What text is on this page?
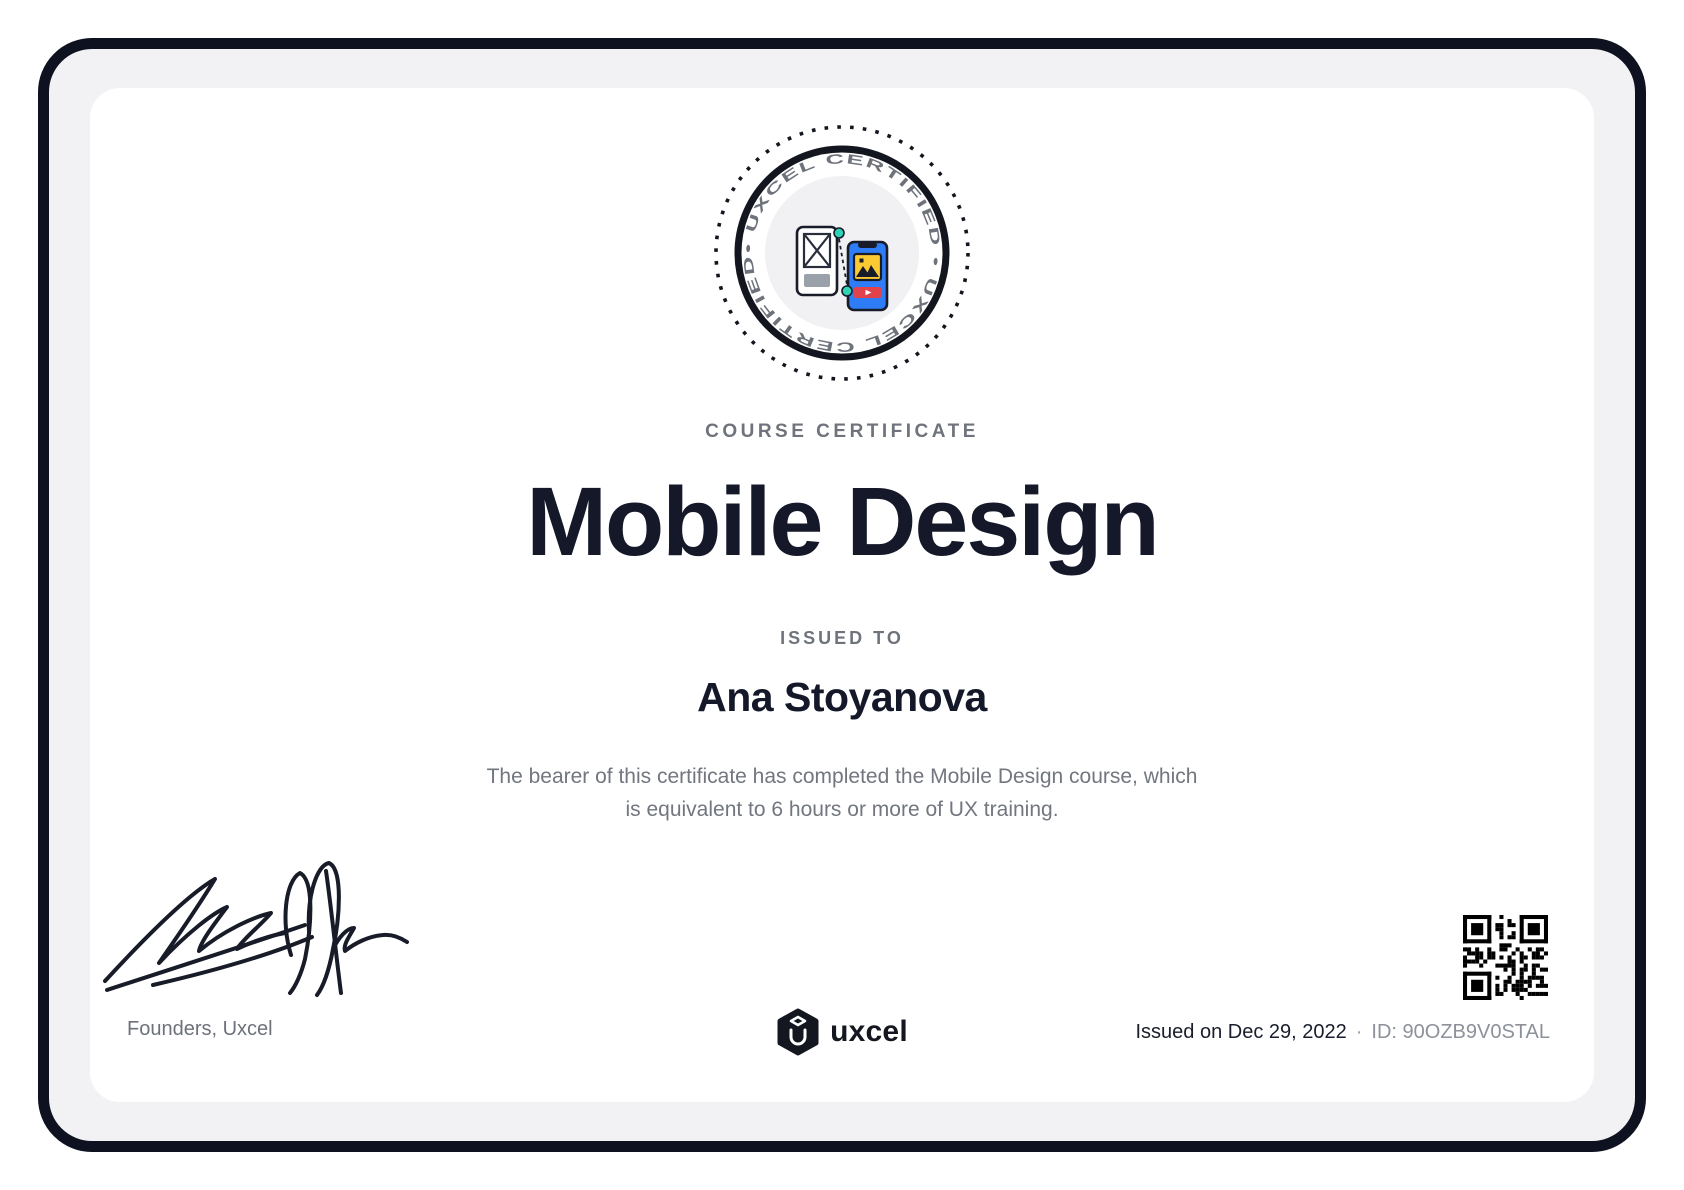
• UXCEL CERTIFIED • UXCEL CERTIFIED
COURSE CERTIFICATE
Mobile Design
ISSUED TO
Ana Stoyanova
The bearer of this certificate has completed the Mobile Design course, which
is equivalent to 6 hours or more of UX training.
Founders, Uxcel	uxcel	Issued on Dec 29, 2022 · ID: 90OZB9V0STAL
